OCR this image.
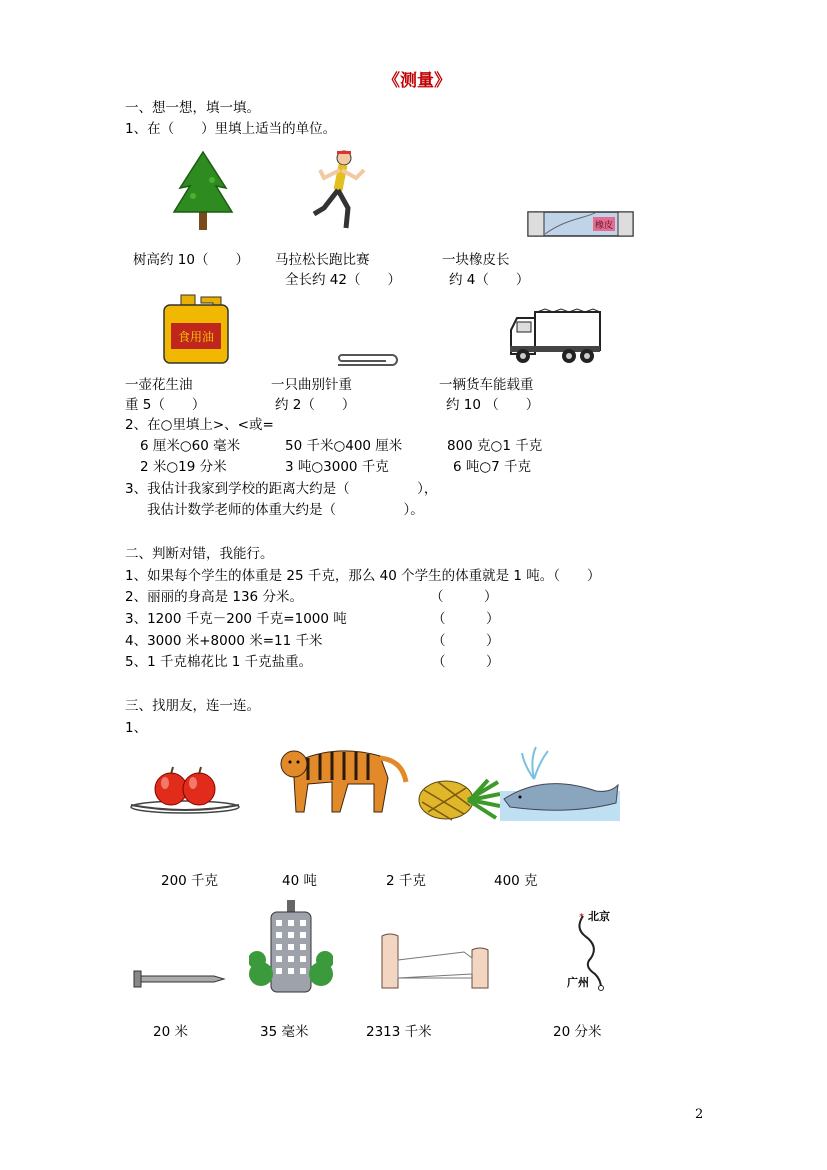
《测量》
一、想一想，填一填。
1、在（　　）里填上适当的单位。
橡皮
树高约 10（　　） 马拉松长跑比赛
全长约 42（　　）
一块橡皮长
约 4（　　）
食用油
一壶花生油
重 5（　　）
一只曲别针重
约 2（　　）
一辆货车能载重
约 10 （　　）
2、在○里填上>、<或=
6 厘米○60 毫米	50 千米○400 厘米	800 克○1 千克
2 米○19 分米	3 吨○3000 千克	6 吨○7 千克
3、我估计我家到学校的距离大约是（　　　　　），
我估计数学老师的体重大约是（　　　　　）。
二、判断对错，我能行。
1、如果每个学生的体重是 25 千克，那么 40 个学生的体重就是 1 吨。（　　）
2、丽丽的身高是 136 分米。	（　　　）
3、1200 千克－200 千克=1000 吨	（　　　）
4、3000 米+8000 米=11 千米	（　　　）
5、1 千克棉花比 1 千克盐重。	（　　　）
三、找朋友，连一连。
1、
200 千克	40 吨	2 千克	400 克
* 北京
广州
20 米	35 毫米	2313 千米	20 分米
2
